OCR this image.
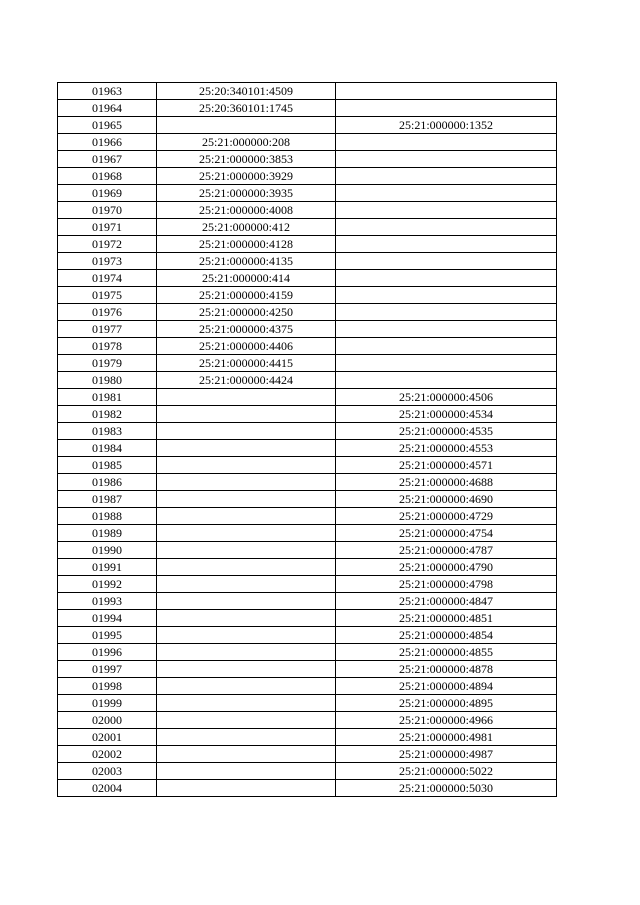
01963	25:20:340101:4509	
01964	25:20:360101:1745	
01965		25:21:000000:1352
01966	25:21:000000:208	
01967	25:21:000000:3853	
01968	25:21:000000:3929	
01969	25:21:000000:3935	
01970	25:21:000000:4008	
01971	25:21:000000:412	
01972	25:21:000000:4128	
01973	25:21:000000:4135	
01974	25:21:000000:414	
01975	25:21:000000:4159	
01976	25:21:000000:4250	
01977	25:21:000000:4375	
01978	25:21:000000:4406	
01979	25:21:000000:4415	
01980	25:21:000000:4424	
01981		25:21:000000:4506
01982		25:21:000000:4534
01983		25:21:000000:4535
01984		25:21:000000:4553
01985		25:21:000000:4571
01986		25:21:000000:4688
01987		25:21:000000:4690
01988		25:21:000000:4729
01989		25:21:000000:4754
01990		25:21:000000:4787
01991		25:21:000000:4790
01992		25:21:000000:4798
01993		25:21:000000:4847
01994		25:21:000000:4851
01995		25:21:000000:4854
01996		25:21:000000:4855
01997		25:21:000000:4878
01998		25:21:000000:4894
01999		25:21:000000:4895
02000		25:21:000000:4966
02001		25:21:000000:4981
02002		25:21:000000:4987
02003		25:21:000000:5022
02004		25:21:000000:5030
